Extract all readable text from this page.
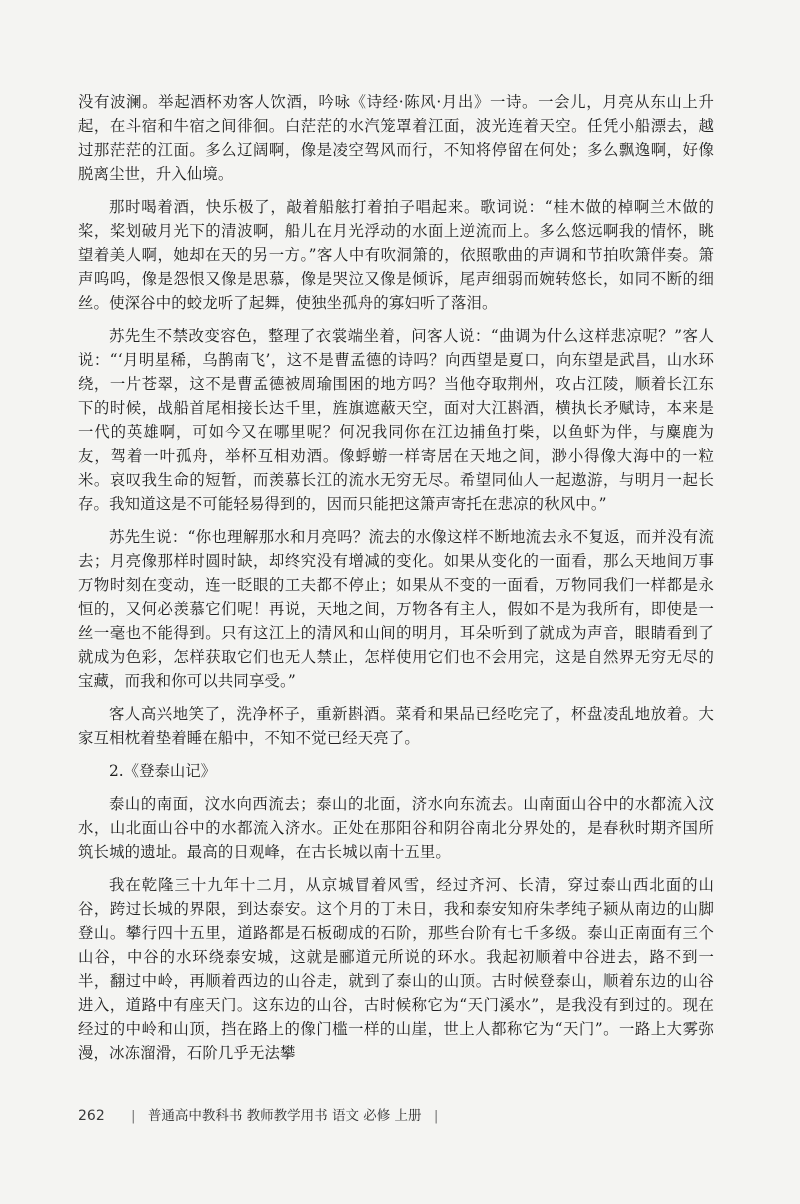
没有波澜。举起酒杯劝客人饮酒，吟咏《诗经·陈风·月出》一诗。一会儿，月亮从东山上升起，在斗宿和牛宿之间徘徊。白茫茫的水汽笼罩着江面，波光连着天空。任凭小船漂去，越过那茫茫的江面。多么辽阔啊，像是凌空驾风而行，不知将停留在何处；多么飘逸啊，好像脱离尘世，升入仙境。

那时喝着酒，快乐极了，敲着船舷打着拍子唱起来。歌词说：“桂木做的棹啊兰木做的桨，桨划破月光下的清波啊，船儿在月光浮动的水面上逆流而上。多么悠远啊我的情怀，眺望着美人啊，她却在天的另一方。”客人中有吹洞箫的，依照歌曲的声调和节拍吹箫伴奏。箫声呜呜，像是怨恨又像是思慕，像是哭泣又像是倾诉，尾声细弱而婉转悠长，如同不断的细丝。使深谷中的蛟龙听了起舞，使独坐孤舟的寡妇听了落泪。

苏先生不禁改变容色，整理了衣裳端坐着，问客人说：“曲调为什么这样悲凉呢？”客人说：“‘月明星稀，乌鹊南飞’，这不是曹孟德的诗吗？向西望是夏口，向东望是武昌，山水环绕，一片苍翠，这不是曹孟德被周瑜围困的地方吗？当他夺取荆州，攻占江陵，顺着长江东下的时候，战船首尾相接长达千里，旌旗遮蔽天空，面对大江斟酒，横执长矛赋诗，本来是一代的英雄啊，可如今又在哪里呢？何况我同你在江边捕鱼打柴，以鱼虾为伴，与麋鹿为友，驾着一叶孤舟，举杯互相劝酒。像蜉蝣一样寄居在天地之间，渺小得像大海中的一粒米。哀叹我生命的短暂，而羡慕长江的流水无穷无尽。希望同仙人一起遨游，与明月一起长存。我知道这是不可能轻易得到的，因而只能把这箫声寄托在悲凉的秋风中。”

苏先生说：“你也理解那水和月亮吗？流去的水像这样不断地流去永不复返，而并没有流去；月亮像那样时圆时缺，却终究没有增减的变化。如果从变化的一面看，那么天地间万事万物时刻在变动，连一眨眼的工夫都不停止；如果从不变的一面看，万物同我们一样都是永恒的，又何必羡慕它们呢！再说，天地之间，万物各有主人，假如不是为我所有，即使是一丝一毫也不能得到。只有这江上的清风和山间的明月，耳朵听到了就成为声音，眼睛看到了就成为色彩，怎样获取它们也无人禁止，怎样使用它们也不会用完，这是自然界无穷无尽的宝藏，而我和你可以共同享受。”

客人高兴地笑了，洗净杯子，重新斟酒。菜肴和果品已经吃完了，杯盘凌乱地放着。大家互相枕着垫着睡在船中，不知不觉已经天亮了。

2.《登泰山记》

泰山的南面，汶水向西流去；泰山的北面，济水向东流去。山南面山谷中的水都流入汶水，山北面山谷中的水都流入济水。正处在那阳谷和阴谷南北分界处的，是春秋时期齐国所筑长城的遗址。最高的日观峰，在古长城以南十五里。

我在乾隆三十九年十二月，从京城冒着风雪，经过齐河、长清，穿过泰山西北面的山谷，跨过长城的界限，到达泰安。这个月的丁未日，我和泰安知府朱孝纯子颍从南边的山脚登山。攀行四十五里，道路都是石板砌成的石阶，那些台阶有七千多级。泰山正南面有三个山谷，中谷的水环绕泰安城，这就是郦道元所说的环水。我起初顺着中谷进去，路不到一半，翻过中岭，再顺着西边的山谷走，就到了泰山的山顶。古时候登泰山，顺着东边的山谷进入，道路中有座天门。这东边的山谷，古时候称它为“天门溪水”，是我没有到过的。现在经过的中岭和山顶，挡在路上的像门槛一样的山崖，世上人都称它为“天门”。一路上大雾弥漫，冰冻溜滑，石阶几乎无法攀

262 | 普通高中教科书 教师教学用书 语文 必修 上册 |
